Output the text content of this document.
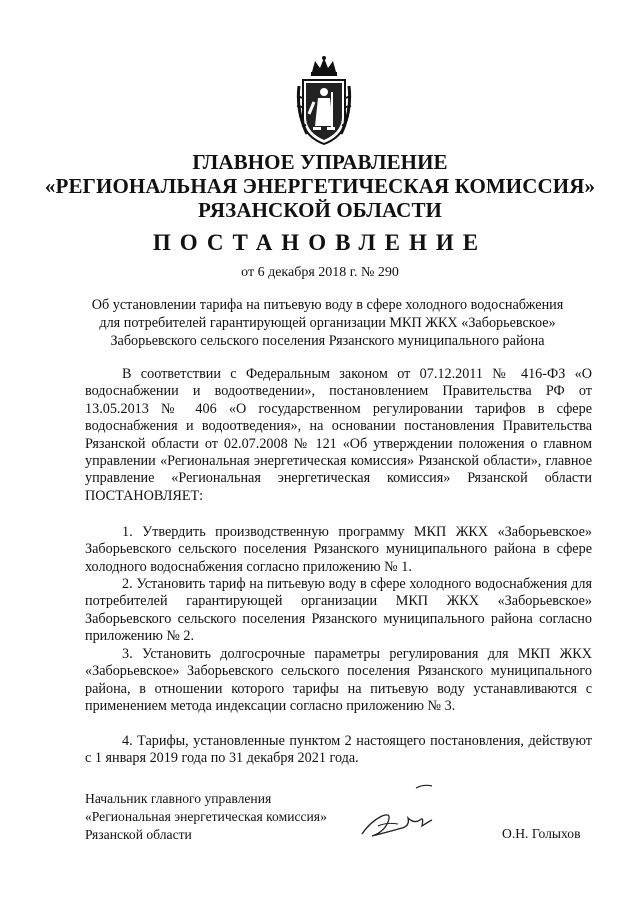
ГЛАВНОЕ УПРАВЛЕНИЕ
«РЕГИОНАЛЬНАЯ ЭНЕРГЕТИЧЕСКАЯ КОМИССИЯ»
РЯЗАНСКОЙ ОБЛАСТИ
ПОСТАНОВЛЕНИЕ
от 6 декабря 2018 г. № 290
Об установлении тарифа на питьевую воду в сфере холодного водоснабжения
для потребителей гарантирующей организации МКП ЖКХ «Заборьевское»
Заборьевского сельского поселения Рязанского муниципального района
В соответствии с Федеральным законом от 07.12.2011 № 416-ФЗ «О водоснабжении и водоотведении», постановлением Правительства РФ от 13.05.2013 № 406 «О государственном регулировании тарифов в сфере водоснабжения и водоотведения», на основании постановления Правительства Рязанской области от 02.07.2008 № 121 «Об утверждении положения о главном управлении «Региональная энергетическая комиссия» Рязанской области», главное управление «Региональная энергетическая комиссия» Рязанской области ПОСТАНОВЛЯЕТ:
1. Утвердить производственную программу МКП ЖКХ «Заборьевское» Заборьевского сельского поселения Рязанского муниципального района в сфере холодного водоснабжения согласно приложению № 1.
2. Установить тариф на питьевую воду в сфере холодного водоснабжения для потребителей гарантирующей организации МКП ЖКХ «Заборьевское» Заборьевского сельского поселения Рязанского муниципального района согласно приложению № 2.
3. Установить долгосрочные параметры регулирования для МКП ЖКХ «Заборьевское» Заборьевского сельского поселения Рязанского муниципального района, в отношении которого тарифы на питьевую воду устанавливаются с применением метода индексации согласно приложению № 3.
4. Тарифы, установленные пунктом 2 настоящего постановления, действуют с 1 января 2019 года по 31 декабря 2021 года.
Начальник главного управления
«Региональная энергетическая комиссия»
Рязанской области	О.Н. Голыхов
